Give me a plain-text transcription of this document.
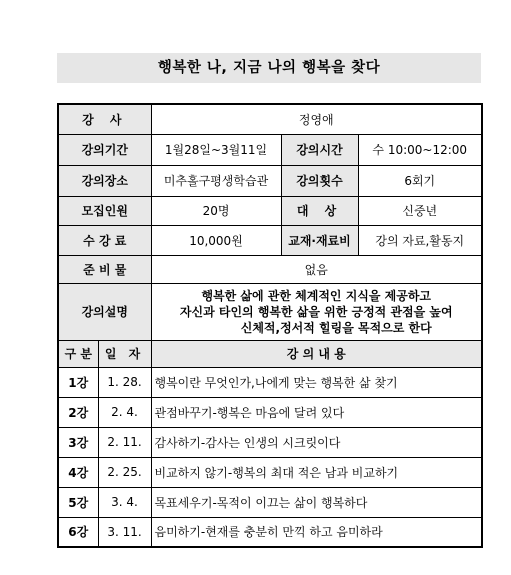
행복한 나, 지금 나의 행복을 찾다
강 사		정영애		
강의기간		1월28일~3월11일	강의시간	수 10:00~12:00
강의장소		미추홀구평생학습관	강의횟수	6회기
모집인원		20명	대 상	신중년
수 강 료		10,000원	교재·재료비	강의 자료,활동지
준 비 물		없음		
강의설명		행복한 삶에 관한 체계적인 지식을 제공하고
자신과 타인의 행복한 삶을 위한 긍정적 관점을 높여
신체적,정서적 힐링을 목적으로 한다		

구 분	일 자	강 의 내 용		
1강	1. 28.	행복이란 무엇인가,나에게 맞는 행복한 삶 찾기		
2강	2. 4.	관점바꾸기-행복은 마음에 달려 있다		
3강	2. 11.	감사하기-감사는 인생의 시크릿이다		
4강	2. 25.	비교하지 않기-행복의 최대 적은 남과 비교하기		
5강	3. 4.	목표세우기-목적이 이끄는 삶이 행복하다		
6강	3. 11.	음미하기-현재를 충분히 만끽 하고 음미하라		
